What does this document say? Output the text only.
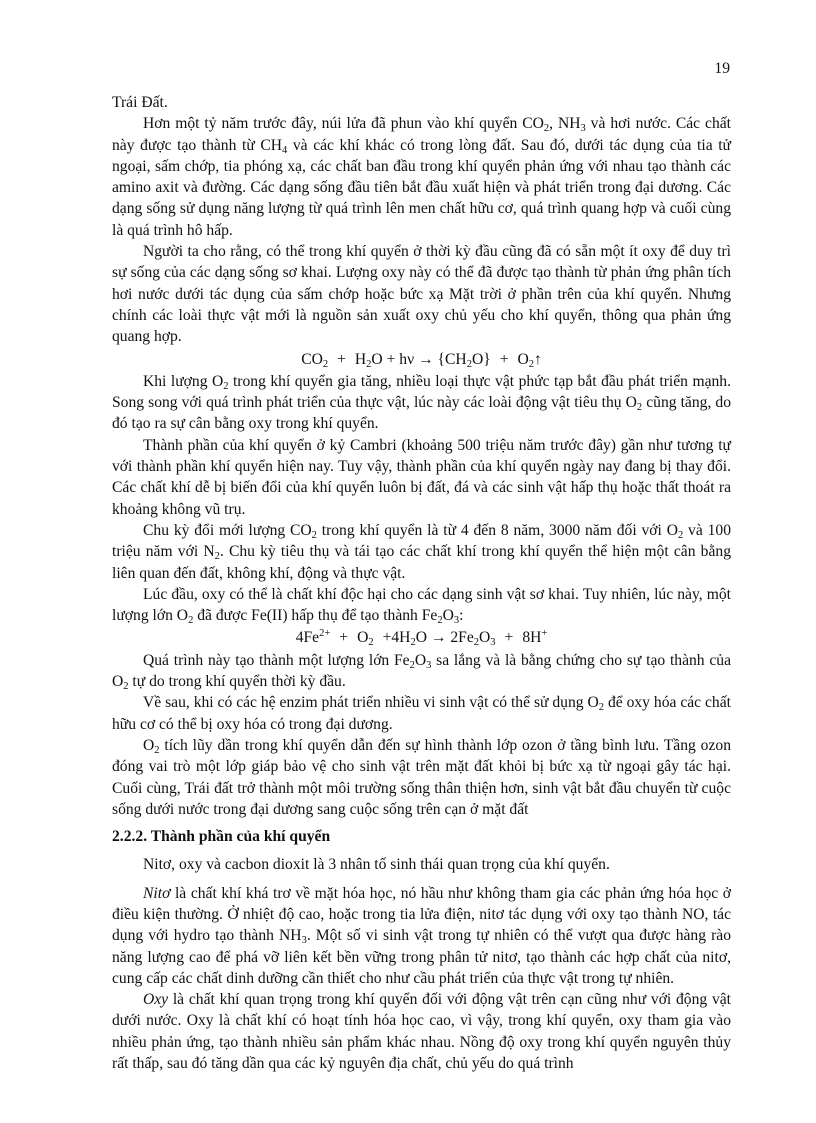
19

Trái Đất.

Hơn một tỷ năm trước đây, núi lửa đã phun vào khí quyển $CO_2$, $NH_3$ và hơi nước. Các chất này được tạo thành từ $CH_4$ và các khí khác có trong lòng đất. Sau đó, dưới tác dụng của tia tử ngoại, sấm chớp, tia phóng xạ, các chất ban đầu trong khí quyển phản ứng với nhau tạo thành các amino axit và đường. Các dạng sống đầu tiên bắt đầu xuất hiện và phát triển trong đại dương. Các dạng sống sử dụng năng lượng từ quá trình lên men chất hữu cơ, quá trình quang hợp và cuối cùng là quá trình hô hấp.

Người ta cho rằng, có thể trong khí quyển ở thời kỳ đầu cũng đã có sẵn một ít oxy để duy trì sự sống của các dạng sống sơ khai. Lượng oxy này có thể đã được tạo thành từ phản ứng phân tích hơi nước dưới tác dụng của sấm chớp hoặc bức xạ Mặt trời ở phần trên của khí quyển. Nhưng chính các loài thực vật mới là nguồn sản xuất oxy chủ yếu cho khí quyển, thông qua phản ứng quang hợp.

$CO_2 + H_2O + h\nu \to \{CH_2O\}$ + $O_2↑$

Khi lượng $O_2$ trong khí quyển gia tăng, nhiều loại thực vật phức tạp bắt đầu phát triển mạnh. Song song với quá trình phát triển của thực vật, lúc này các loài động vật tiêu thụ $O_2$ cũng tăng, do đó tạo ra sự cân bằng oxy trong khí quyển.

Thành phần của khí quyển ở kỷ Cambri (khoảng 500 triệu năm trước đây) gần như tương tự với thành phần khí quyển hiện nay. Tuy vậy, thành phần của khí quyển ngày nay đang bị thay đổi. Các chất khí dễ bị biến đổi của khí quyển luôn bị đất, đá và các sinh vật hấp thụ hoặc thất thoát ra khoảng không vũ trụ.

Chu kỳ đổi mới lượng $CO_2$ trong khí quyển là từ 4 đến 8 năm, 3000 năm đối với $O_2$ và 100 triệu năm với $N_2$. Chu kỳ tiêu thụ và tái tạo các chất khí trong khí quyển thể hiện một cân bằng liên quan đến đất, không khí, động và thực vật.

Lúc đầu, oxy có thể là chất khí độc hại cho các dạng sinh vật sơ khai. Tuy nhiên, lúc này, một lượng lớn $O_2$ đã được Fe(II) hấp thụ để tạo thành $Fe_2O_3$:

$4Fe^{2+} + O_2 +4H_2O \to 2Fe_2O_3 + 8H^+$

Quá trình này tạo thành một lượng lớn $Fe_2O_3$ sa lắng và là bằng chứng cho sự tạo thành của $O_2$ tự do trong khí quyển thời kỳ đầu.

Về sau, khi có các hệ enzim phát triển nhiều vi sinh vật có thể sử dụng $O_2$ để oxy hóa các chất hữu cơ có thể bị oxy hóa có trong đại dương.

$O_2$ tích lũy dần trong khí quyển dẫn đến sự hình thành lớp ozon ở tầng bình lưu. Tầng ozon đóng vai trò một lớp giáp bảo vệ cho sinh vật trên mặt đất khỏi bị bức xạ từ ngoại gây tác hại. Cuối cùng, Trái đất trở thành một môi trường sống thân thiện hơn, sinh vật bắt đầu chuyển từ cuộc sống dưới nước trong đại dương sang cuộc sống trên cạn ở mặt đất

2.2.2. Thành phần của khí quyển

Nitơ, oxy và cacbon dioxit là 3 nhân tố sinh thái quan trọng của khí quyển.

Nitơ là chất khí khá trơ về mặt hóa học, nó hầu như không tham gia các phản ứng hóa học ở điều kiện thường. Ở nhiệt độ cao, hoặc trong tia lửa điện, nitơ tác dụng với oxy tạo thành NO, tác dụng với hydro tạo thành $NH_3$. Một số vi sinh vật trong tự nhiên có thể vượt qua được hàng rào năng lượng cao để phá vỡ liên kết bền vững trong phân tử nitơ, tạo thành các hợp chất của nitơ, cung cấp các chất dinh dưỡng cần thiết cho như cầu phát triển của thực vật trong tự nhiên.

Oxy là chất khí quan trọng trong khí quyển đối với động vật trên cạn cũng như với động vật dưới nước. Oxy là chất khí có hoạt tính hóa học cao, vì vậy, trong khí quyển, oxy tham gia vào nhiều phản ứng, tạo thành nhiều sản phẩm khác nhau. Nồng độ oxy trong khí quyển nguyên thủy rất thấp, sau đó tăng dần qua các kỷ nguyên địa chất, chủ yếu do quá trình
